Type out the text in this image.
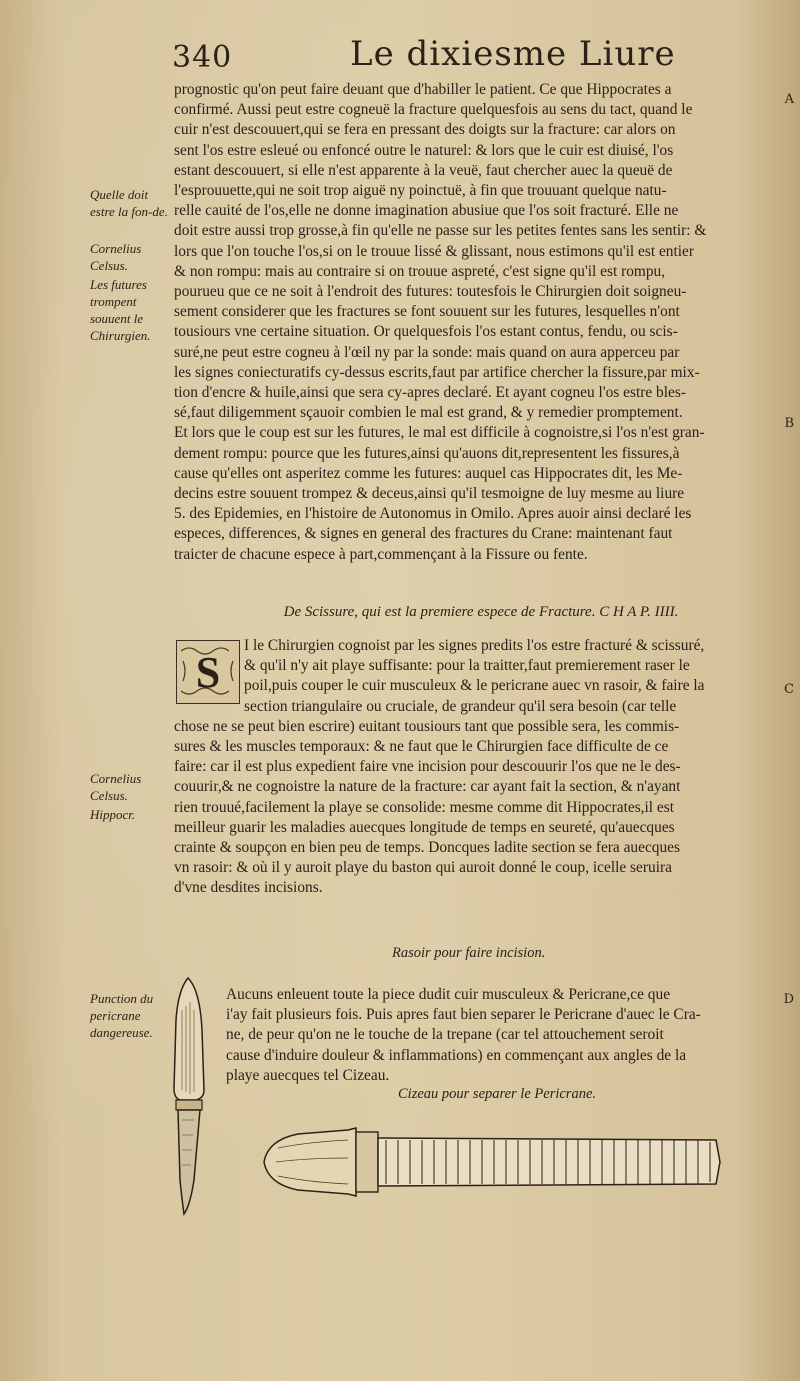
340	Le dixiesme Liure
A
B
C
D
Quelle doit estre la fon-de.
Cornelius Celsus.
Les futures trompent souuent le Chirurgien.
Cornelius Celsus.
Hippocr.
Punction du pericrane dangereuse.

prognostic qu'on peut faire deuant que d'habiller le patient. Ce que Hippocrates a

confirmé. Aussi peut estre cogneuë la fracture quelquesfois au sens du tact, quand le

cuir n'est descouuert,qui se fera en pressant des doigts sur la fracture: car alors on

sent l'os estre esleué ou enfoncé outre le naturel: & lors que le cuir est diuisé, l'os

estant descouuert, si elle n'est apparente à la veuë, faut chercher auec la queuë de

l'esprouuette,qui ne soit trop aiguë ny poinctuë, à fin que trouuant quelque natu-

relle cauité de l'os,elle ne donne imagination abusiue que l'os soit fracturé. Elle ne

doit estre aussi trop grosse,à fin qu'elle ne passe sur les petites fentes sans les sentir: &

lors que l'on touche l'os,si on le trouue lissé & glissant, nous estimons qu'il est entier

& non rompu: mais au contraire si on trouue aspreté, c'est signe qu'il est rompu,

pourueu que ce ne soit à l'endroit des futures: toutesfois le Chirurgien doit soigneu-

sement considerer que les fractures se font souuent sur les futures, lesquelles n'ont

tousiours vne certaine situation. Or quelquesfois l'os estant contus, fendu, ou scis-

suré,ne peut estre cogneu à l'œil ny par la sonde: mais quand on aura apperceu par

les signes coniecturatifs cy-dessus escrits,faut par artifice chercher la fissure,par mix-

tion d'encre & huile,ainsi que sera cy-apres declaré. Et ayant cogneu l'os estre bles-

sé,faut diligemment sçauoir combien le mal est grand, & y remedier promptement.

Et lors que le coup est sur les futures, le mal est difficile à cognoistre,si l'os n'est gran-

dement rompu: pource que les futures,ainsi qu'auons dit,representent les fissures,à

cause qu'elles ont asperitez comme les futures: auquel cas Hippocrates dit, les Me-

decins estre souuent trompez & deceus,ainsi qu'il tesmoigne de luy mesme au liure

5. des Epidemies, en l'histoire de Autonomus in Omilo. Apres auoir ainsi declaré les

especes, differences, & signes en general des fractures du Crane: maintenant faut

traicter de chacune espece à part,commençant à la Fissure ou fente.

De Scissure, qui est la premiere espece de Fracture. C H A P. IIII.
S

I le Chirurgien cognoist par les signes predits l'os estre fracturé & scissuré,

& qu'il n'y ait playe suffisante: pour la traitter,faut premierement raser le

poil,puis couper le cuir musculeux & le pericrane auec vn rasoir, & faire la

section triangulaire ou cruciale, de grandeur qu'il sera besoin (car telle

chose ne se peut bien escrire) euitant tousiours tant que possible sera, les commis-

sures & les muscles temporaux: & ne faut que le Chirurgien face difficulte de ce

faire: car il est plus expedient faire vne incision pour descouurir l'os que ne le des-

couurir,& ne cognoistre la nature de la fracture: car ayant fait la section, & n'ayant

rien trouué,facilement la playe se consolide: mesme comme dit Hippocrates,il est

meilleur guarir les maladies auecques longitude de temps en seureté, qu'auecques

crainte & soupçon en bien peu de temps. Doncques ladite section se fera auecques

vn rasoir: & où il y auroit playe du baston qui auroit donné le coup, icelle seruira

d'vne desdites incisions.

Rasoir pour faire incision.

Aucuns enleuent toute la piece dudit cuir musculeux & Pericrane,ce que

i'ay fait plusieurs fois. Puis apres faut bien separer le Pericrane d'auec le Cra-

ne, de peur qu'on ne le touche de la trepane (car tel attouchement seroit

cause d'induire douleur & inflammations) en commençant aux angles de la

playe auecques tel Cizeau.

Cizeau pour separer le Pericrane.
